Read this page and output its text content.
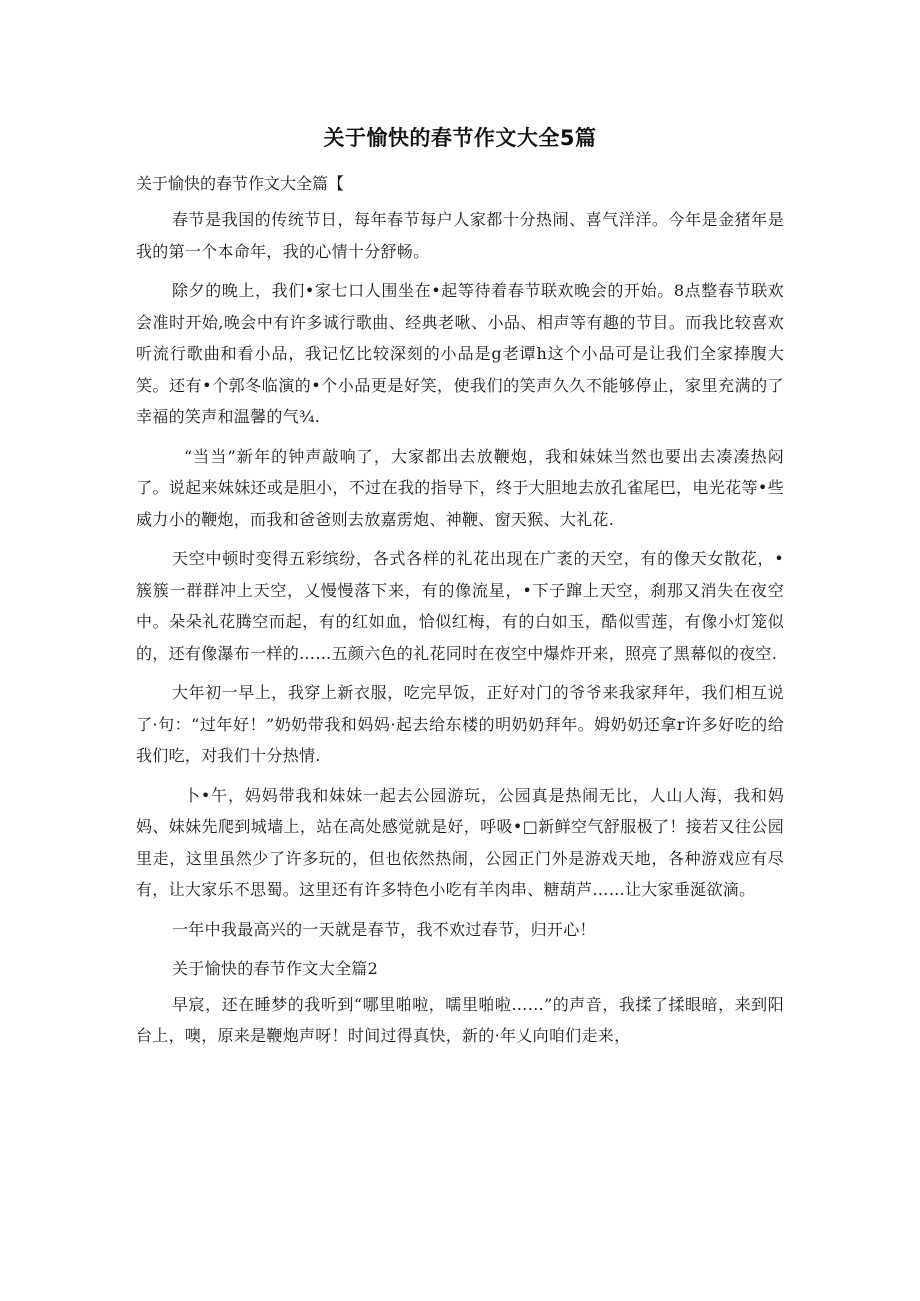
关于愉快的春节作文大全5篇
关于愉快的春节作文大全篇【

春节是我国的传统节日，每年春节每户人家都十分热闹、喜气洋洋。今年是金猪年是我的第一个本命年，我的心情十分舒畅。

除夕的晚上，我们•家七口人围坐在•起等待着春节联欢晚会的开始。8点整春节联欢会准时开始,晚会中有许多诚行歌曲、经典老啾、小品、相声等有趣的节目。而我比较喜欢听流行歌曲和看小品，我记忆比较深刻的小品是g老谭h这个小品可是让我们全家捧腹大笑。还有•个郭冬临演的•个小品更是好笑，使我们的笑声久久不能够停止，家里充满的了幸福的笑声和温馨的气¾.

“当当”新年的钟声敲响了，大家都出去放鞭炮，我和妹妹当然也要出去凑凑热闷了。说起来妹妹还或是胆小，不过在我的指导下，终于大胆地去放孔雀尾巴，电光花等•些威力小的鞭炮，而我和爸爸则去放嘉雳炮、神鞭、窗天猴、大礼花.

天空中顿时变得五彩缤纷，各式各样的礼花出现在广袤的天空，有的像天女散花，•簇簇一群群冲上天空，乂慢慢落下来，有的像流星，•下子蹿上天空，刹那又消失在夜空中。朵朵礼花腾空而起，有的红如血，恰似红梅，有的白如玉，酷似雪莲，有像小灯笼似的，还有像瀑布一样的……五颜六色的礼花同时在夜空中爆炸开来，照亮了黑幕似的夜空.

大年初一早上，我穿上新衣服，吃完早饭，正好对门的爷爷来我家拜年，我们相互说了·句：“过年好！”奶奶带我和妈妈·起去给东楼的明奶奶拜年。姆奶奶还拿r许多好吃的给我们吃，对我们十分热情.

卜•午，妈妈带我和妹妹一起去公园游玩，公园真是热闹无比，人山人海，我和妈妈、妹妹先爬到城墙上，站在高处感觉就是好，呼吸•□新鲜空气舒服极了！接若又往公园里走，这里虽然少了许多玩的，但也依然热闹，公园正门外是游戏天地，各种游戏应有尽有，让大家乐不思蜀。这里还有许多特色小吃有羊肉串、糖葫芦……让大家垂涎欲滴。

一年中我最高兴的一天就是春节，我不欢过春节，归开心！

关于愉快的春节作文大全篇2

早宸，还在睡梦的我听到“哪里啪啦，嚅里啪啦……”的声音，我揉了揉眼暗，来到阳台上，噢，原来是鞭炮声呀！时间过得真快，新的·年乂向咱们走来，
